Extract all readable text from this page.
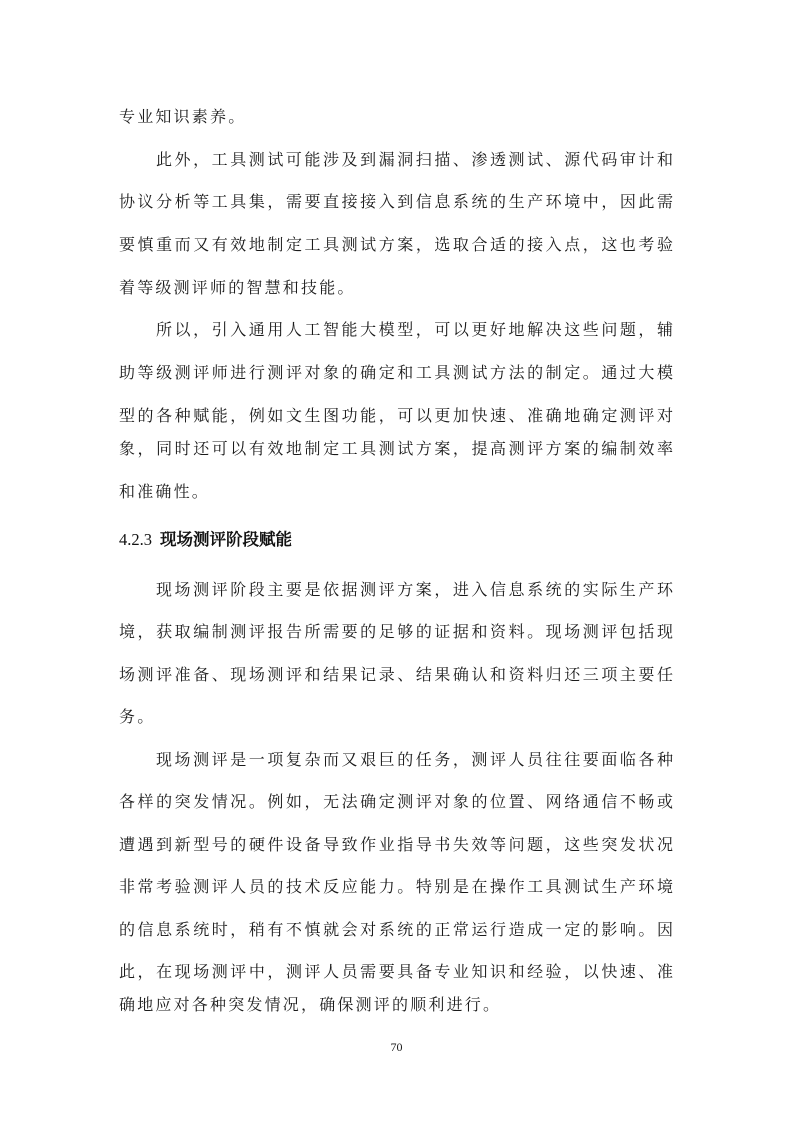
专业知识素养。
此外，工具测试可能涉及到漏洞扫描、渗透测试、源代码审计和
协议分析等工具集，需要直接接入到信息系统的生产环境中，因此需
要慎重而又有效地制定工具测试方案，选取合适的接入点，这也考验
着等级测评师的智慧和技能。
所以，引入通用人工智能大模型，可以更好地解决这些问题，辅
助等级测评师进行测评对象的确定和工具测试方法的制定。通过大模
型的各种赋能，例如文生图功能，可以更加快速、准确地确定测评对
象，同时还可以有效地制定工具测试方案，提高测评方案的编制效率
和准确性。
4.2.3 现场测评阶段赋能
现场测评阶段主要是依据测评方案，进入信息系统的实际生产环
境，获取编制测评报告所需要的足够的证据和资料。现场测评包括现
场测评准备、现场测评和结果记录、结果确认和资料归还三项主要任
务。
现场测评是一项复杂而又艰巨的任务，测评人员往往要面临各种
各样的突发情况。例如，无法确定测评对象的位置、网络通信不畅或
遭遇到新型号的硬件设备导致作业指导书失效等问题，这些突发状况
非常考验测评人员的技术反应能力。特别是在操作工具测试生产环境
的信息系统时，稍有不慎就会对系统的正常运行造成一定的影响。因
此，在现场测评中，测评人员需要具备专业知识和经验，以快速、准
确地应对各种突发情况，确保测评的顺利进行。
70
